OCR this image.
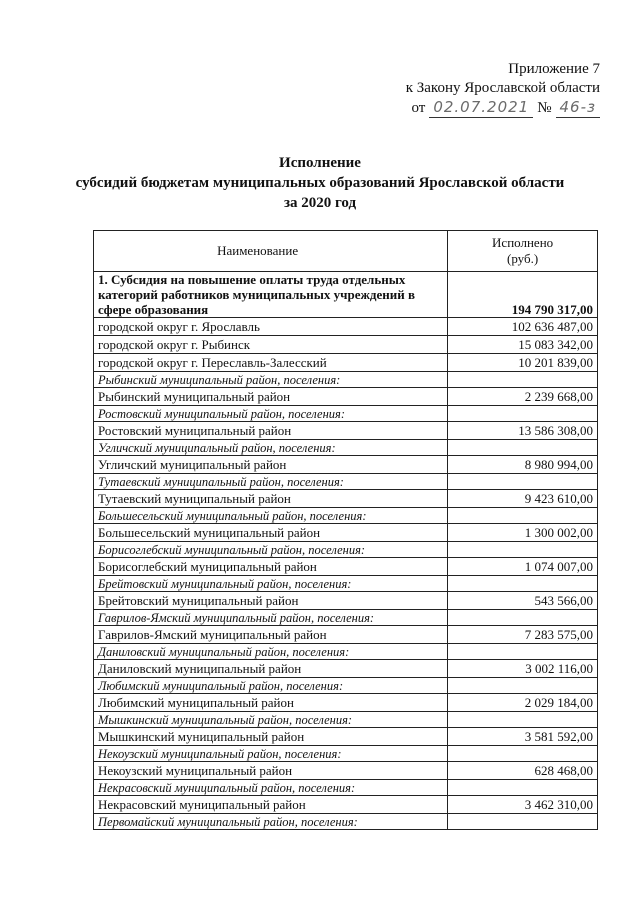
Приложение 7
к Закону Ярославской области
от 02.07.2021 № 46-з
Исполнение
субсидий бюджетам муниципальных образований Ярославской области
за 2020 год
Наименование	Исполнено
(руб.)

1. Субсидия на повышение оплаты труда отдельных категорий работников муниципальных учреждений в сфере образования	194 790 317,00
городской округ г. Ярославль	102 636 487,00
городской округ г. Рыбинск	15 083 342,00
городской округ г. Переславль-Залесский	10 201 839,00
Рыбинский муниципальный район, поселения:	
Рыбинский муниципальный район	2 239 668,00
Ростовский муниципальный район, поселения:	
Ростовский муниципальный район	13 586 308,00
Угличский муниципальный район, поселения:	
Угличский муниципальный район	8 980 994,00
Тутаевский муниципальный район, поселения:	
Тутаевский муниципальный район	9 423 610,00
Большесельский муниципальный район, поселения:	
Большесельский муниципальный район	1 300 002,00
Борисоглебский муниципальный район, поселения:	
Борисоглебский муниципальный район	1 074 007,00
Брейтовский муниципальный район, поселения:	
Брейтовский муниципальный район	543 566,00
Гаврилов-Ямский муниципальный район, поселения:	
Гаврилов-Ямский муниципальный район	7 283 575,00
Даниловский муниципальный район, поселения:	
Даниловский муниципальный район	3 002 116,00
Любимский муниципальный район, поселения:	
Любимский муниципальный район	2 029 184,00
Мышкинский муниципальный район, поселения:	
Мышкинский муниципальный район	3 581 592,00
Некоузский муниципальный район, поселения:	
Некоузский муниципальный район	628 468,00
Некрасовский муниципальный район, поселения:	
Некрасовский муниципальный район	3 462 310,00
Первомайский муниципальный район, поселения:	
